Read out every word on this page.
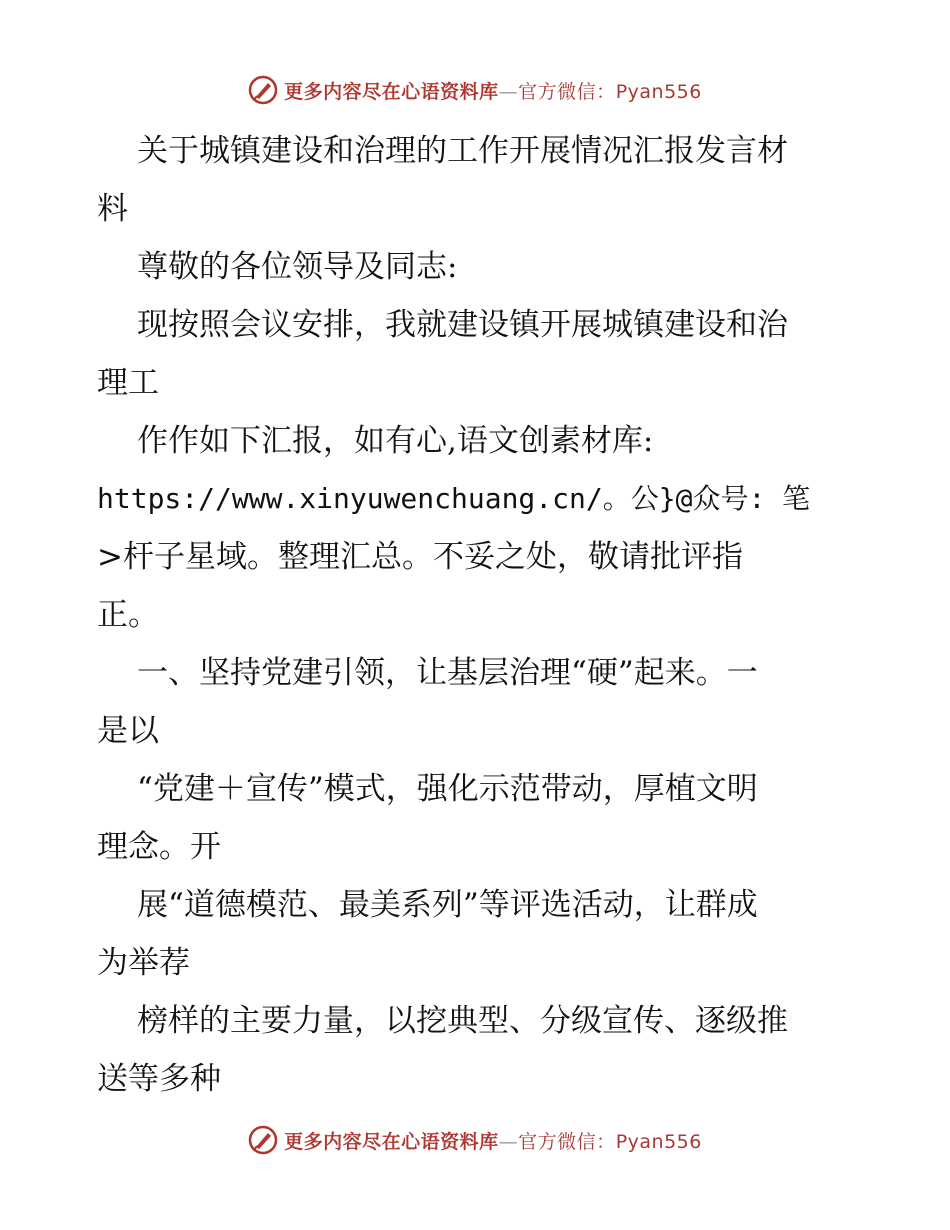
更多内容尽在心语资料库—官方微信：Pyan556
关于城镇建设和治理的工作开展情况汇报发言材
料
尊敬的各位领导及同志:
现按照会议安排，我就建设镇开展城镇建设和治
理工
作作如下汇报，如有心,语文创素材库:
https://www.xinyuwenchuang.cn/。公}@众号: 笔
>杆子星域。整理汇总。不妥之处，敬请批评指
正。
一、坚持党建引领，让基层治理“硬”起来。一
是以
“党建＋宣传”模式，强化示范带动，厚植文明
理念。开
展“道德模范、最美系列”等评选活动，让群成
为举荐
榜样的主要力量，以挖典型、分级宣传、逐级推
送等多种
更多内容尽在心语资料库—官方微信：Pyan556
